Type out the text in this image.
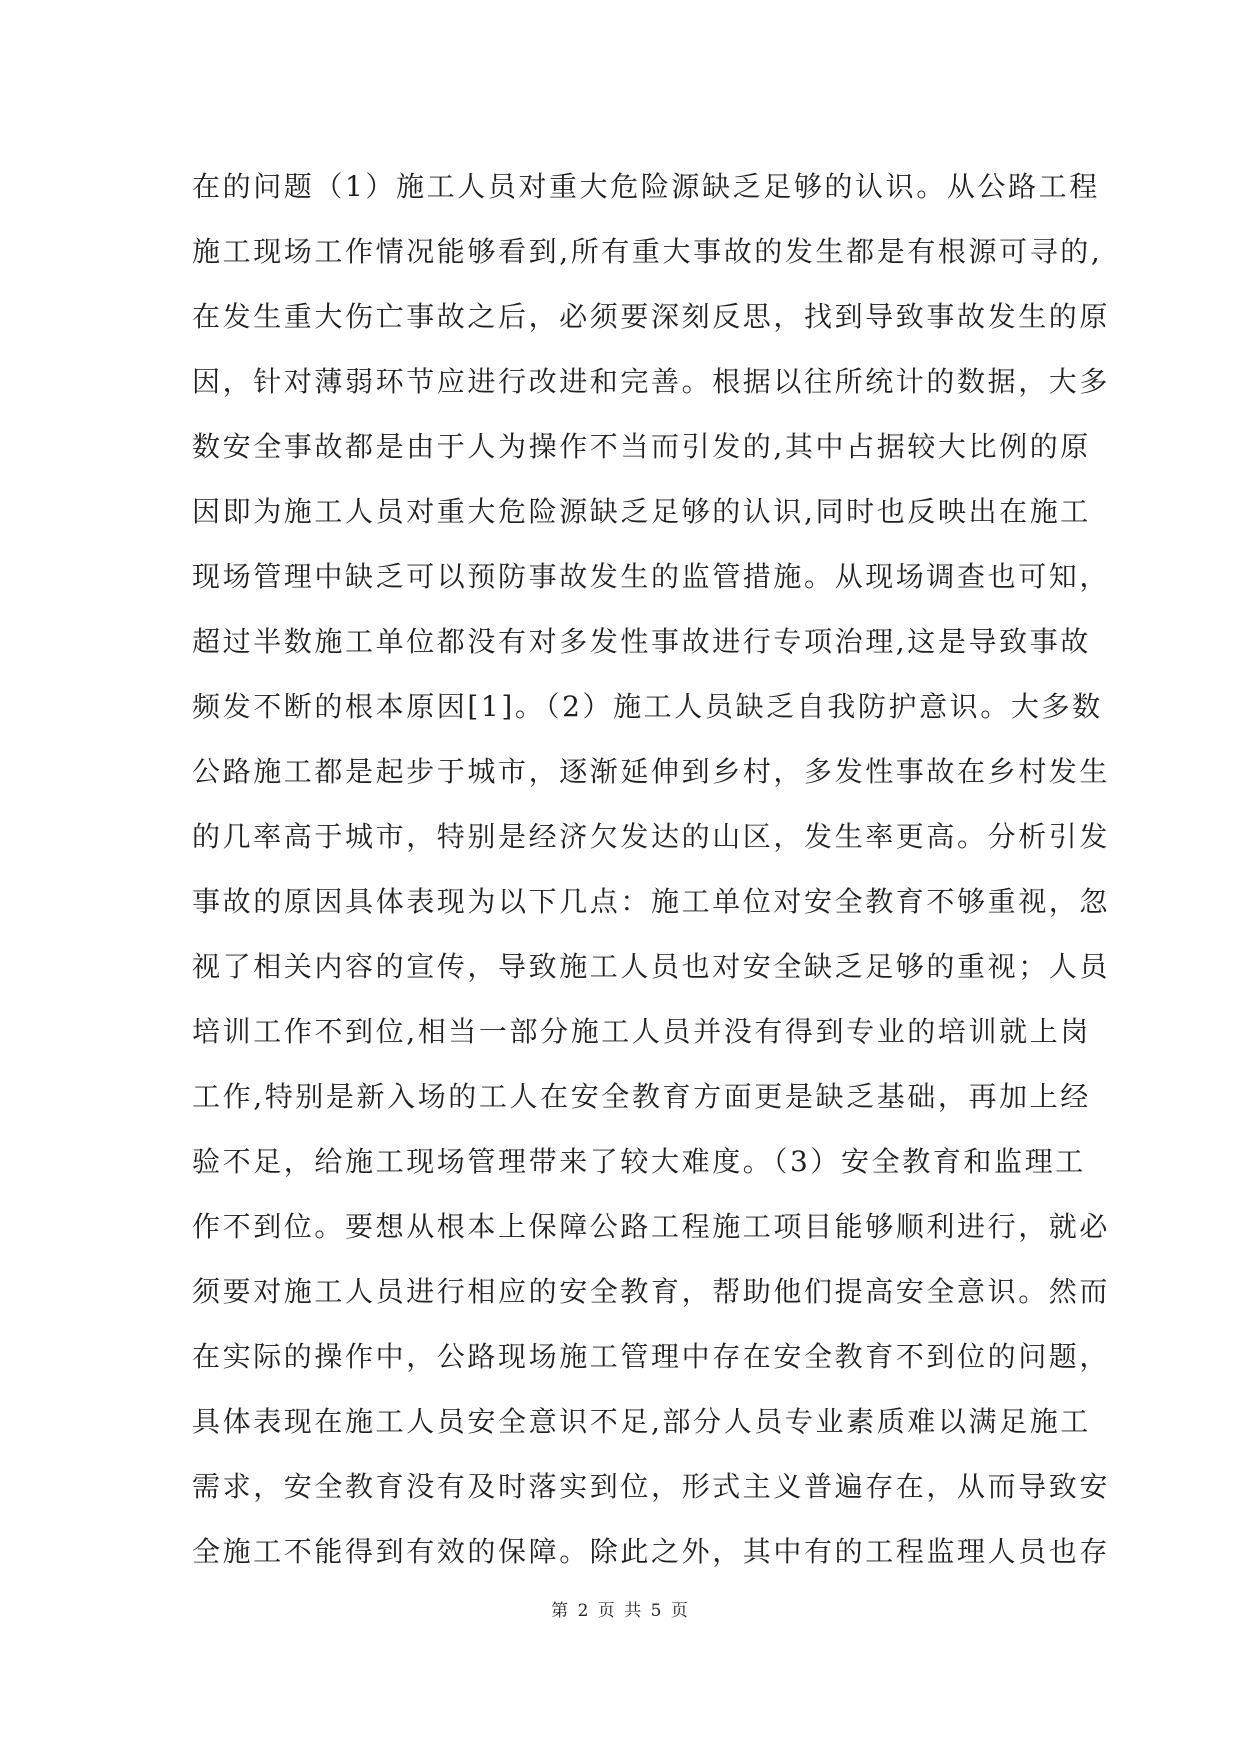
在的问题（1）施工人员对重大危险源缺乏足够的认识。从公路工程
施工现场工作情况能够看到,所有重大事故的发生都是有根源可寻的,
在发生重大伤亡事故之后，必须要深刻反思，找到导致事故发生的原
因，针对薄弱环节应进行改进和完善。根据以往所统计的数据，大多
数安全事故都是由于人为操作不当而引发的,其中占据较大比例的原
因即为施工人员对重大危险源缺乏足够的认识,同时也反映出在施工
现场管理中缺乏可以预防事故发生的监管措施。从现场调查也可知，
超过半数施工单位都没有对多发性事故进行专项治理,这是导致事故
频发不断的根本原因[1]。（2）施工人员缺乏自我防护意识。大多数
公路施工都是起步于城市，逐渐延伸到乡村，多发性事故在乡村发生
的几率高于城市，特别是经济欠发达的山区，发生率更高。分析引发
事故的原因具体表现为以下几点：施工单位对安全教育不够重视，忽
视了相关内容的宣传，导致施工人员也对安全缺乏足够的重视；人员
培训工作不到位,相当一部分施工人员并没有得到专业的培训就上岗
工作,特别是新入场的工人在安全教育方面更是缺乏基础，再加上经
验不足，给施工现场管理带来了较大难度。（3）安全教育和监理工
作不到位。要想从根本上保障公路工程施工项目能够顺利进行，就必
须要对施工人员进行相应的安全教育，帮助他们提高安全意识。然而
在实际的操作中，公路现场施工管理中存在安全教育不到位的问题，
具体表现在施工人员安全意识不足,部分人员专业素质难以满足施工
需求，安全教育没有及时落实到位，形式主义普遍存在，从而导致安
全施工不能得到有效的保障。除此之外，其中有的工程监理人员也存
第 2 页 共 5 页
